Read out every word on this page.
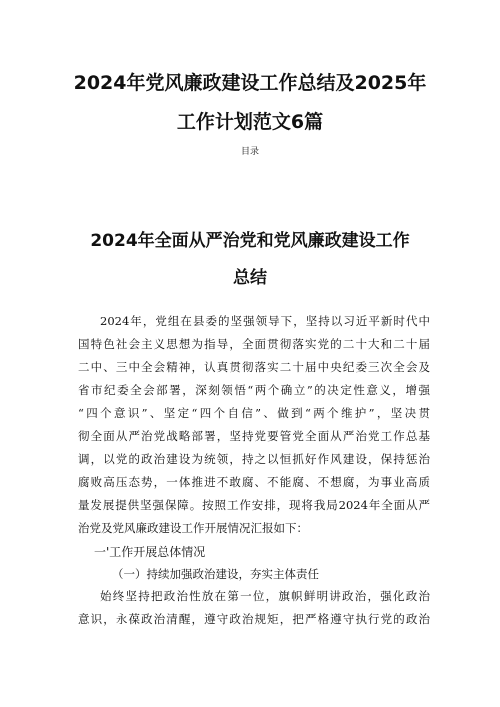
2024年党风廉政建设工作总结及2025年
工作计划范文6篇

目录

2024年全面从严治党和党风廉政建设工作
总结

2024年，党组在县委的坚强领导下，坚持以习近平新时代中

国特色社会主义思想为指导，全面贯彻落实党的二十大和二十届

二中、三中全会精神，认真贯彻落实二十届中央纪委三次全会及

省市纪委全会部署，深刻领悟“两个确立”的决定性意义，增强

“四个意识”、坚定“四个自信”、做到“两个维护”，坚决贯

彻全面从严治党战略部署，坚持党要管党全面从严治党工作总基

调，以党的政治建设为统领，持之以恒抓好作风建设，保持惩治

腐败高压态势，一体推进不敢腐、不能腐、不想腐，为事业高质

量发展提供坚强保障。按照工作安排，现将我局2024年全面从严

治党及党风廉政建设工作开展情况汇报如下：

一'工作开展总体情况

（一）持续加强政治建设，夯实主体责任

始终坚持把政治性放在第一位，旗帜鲜明讲政治，强化政治

意识，永葆政治清醒，遵守政治规矩，把严格遵守执行党的政治
